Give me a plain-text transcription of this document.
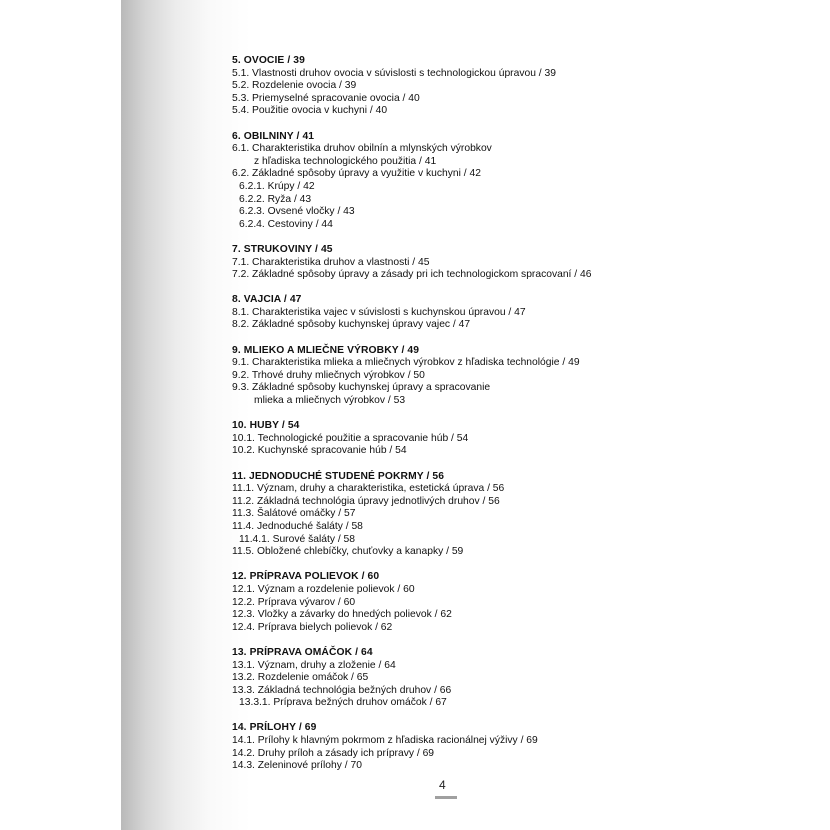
5. OVOCIE / 39
5.1. Vlastnosti druhov ovocia v súvislosti s technologickou úpravou / 39
5.2. Rozdelenie ovocia / 39
5.3. Priemyselné spracovanie ovocia / 40
5.4. Použitie ovocia v kuchyni / 40
6. OBILNINY / 41
6.1. Charakteristika druhov obilnín a mlynských výrobkov
z hľadiska technologického použitia / 41
6.2. Základné spôsoby úpravy a využitie v kuchyni / 42
6.2.1. Krúpy / 42
6.2.2. Ryža / 43
6.2.3. Ovsené vločky / 43
6.2.4. Cestoviny / 44
7. STRUKOVINY / 45
7.1. Charakteristika druhov a vlastnosti / 45
7.2. Základné spôsoby úpravy a zásady pri ich technologickom spracovaní / 46
8. VAJCIA / 47
8.1. Charakteristika vajec v súvislosti s kuchynskou úpravou / 47
8.2. Základné spôsoby kuchynskej úpravy vajec / 47
9. MLIEKO A MLIEČNE VÝROBKY / 49
9.1. Charakteristika mlieka a mliečnych výrobkov z hľadiska technológie / 49
9.2. Trhové druhy mliečnych výrobkov / 50
9.3. Základné spôsoby kuchynskej úpravy a spracovanie
mlieka a mliečnych výrobkov / 53
10. HUBY / 54
10.1. Technologické použitie a spracovanie húb / 54
10.2. Kuchynské spracovanie húb / 54
11. JEDNODUCHÉ STUDENÉ POKRMY / 56
11.1. Význam, druhy a charakteristika, estetická úprava / 56
11.2. Základná technológia úpravy jednotlivých druhov / 56
11.3. Šalátové omáčky / 57
11.4. Jednoduché šaláty / 58
11.4.1. Surové šaláty / 58
11.5. Obložené chlebíčky, chuťovky a kanapky / 59
12. PRÍPRAVA POLIEVOK / 60
12.1. Význam a rozdelenie polievok / 60
12.2. Príprava vývarov / 60
12.3. Vložky a závarky do hnedých polievok / 62
12.4. Príprava bielych polievok / 62
13. PRÍPRAVA OMÁČOK / 64
13.1. Význam, druhy a zloženie / 64
13.2. Rozdelenie omáčok / 65
13.3. Základná technológia bežných druhov / 66
13.3.1. Príprava bežných druhov omáčok / 67
14. PRÍLOHY / 69
14.1. Prílohy k hlavným pokrmom z hľadiska racionálnej výživy / 69
14.2. Druhy príloh a zásady ich prípravy / 69
14.3. Zeleninové prílohy / 70
4
